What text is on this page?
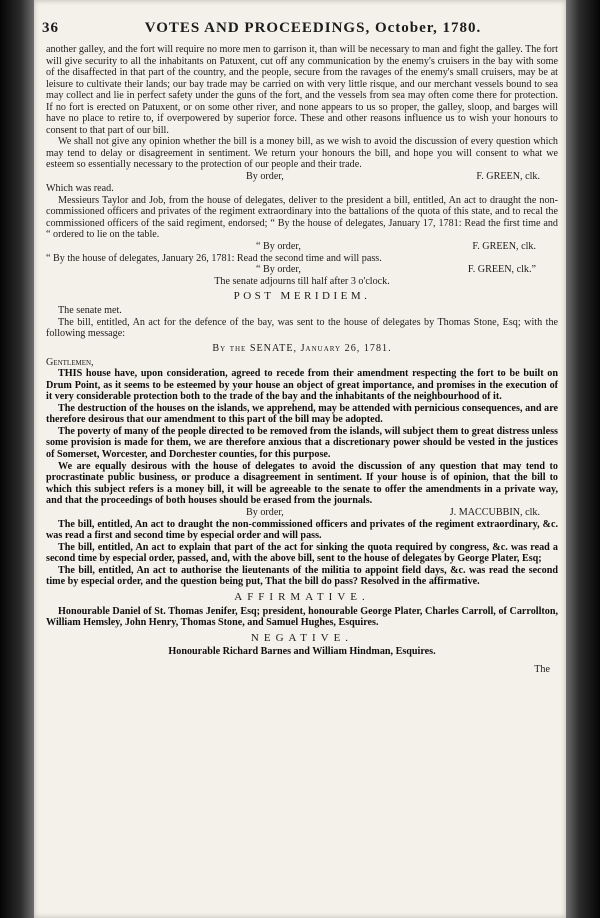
36	VOTES AND PROCEEDINGS, October, 1780.

another galley, and the fort will require no more men to garrison it, than will be necessary to man and fight the galley. The fort will give security to all the inhabitants on Patuxent, cut off any communication by the enemy's cruisers in the bay with some of the disaffected in that part of the country, and the people, secure from the ravages of the enemy's small cruisers, may be at leisure to cultivate their lands; our bay trade may be carried on with very little risque, and our merchant vessels bound to sea may collect and lie in perfect safety under the guns of the fort, and the vessels from sea may often come there for protection. If no fort is erected on Patuxent, or on some other river, and none appears to us so proper, the galley, sloop, and barges will have no place to retire to, if overpowered by superior force. These and other reasons influence us to wish your honours to consent to that part of our bill.

We shall not give any opinion whether the bill is a money bill, as we wish to avoid the discussion of every question which may tend to delay or disagreement in sentiment. We return your honours the bill, and hope you will consent to what we esteem so essentially necessary to the protection of our people and their trade.

By order,	F. GREEN, clk.

Which was read.

Messieurs Taylor and Job, from the house of delegates, deliver to the president a bill, entitled, An act to draught the non-commissioned officers and privates of the regiment extraordinary into the battalions of the quota of this state, and to recal the commissioned officers of the said regiment, endorsed; “ By the house of delegates, January 17, 1781: Read the first time and “ ordered to lie on the table.

“ By order,	F. GREEN, clk.

“ By the house of delegates, January 26, 1781: Read the second time and will pass.

“ By order,	F. GREEN, clk.”

The senate adjourns till half after 3 o'clock.

POST MERIDIEM.

The senate met.

The bill, entitled, An act for the defence of the bay, was sent to the house of delegates by Thomas Stone, Esq; with the following message:

By the SENATE, January 26, 1781.

Gentlemen,

THIS house have, upon consideration, agreed to recede from their amendment respecting the fort to be built on Drum Point, as it seems to be esteemed by your house an object of great importance, and promises in the execution of it very considerable protection both to the trade of the bay and the inhabitants of the neighbourhood of it.

The destruction of the houses on the islands, we apprehend, may be attended with pernicious consequences, and are therefore desirous that our amendment to this part of the bill may be adopted.

The poverty of many of the people directed to be removed from the islands, will subject them to great distress unless some provision is made for them, we are therefore anxious that a discretionary power should be vested in the justices of Somerset, Worcester, and Dorchester counties, for this purpose.

We are equally desirous with the house of delegates to avoid the discussion of any question that may tend to procrastinate public business, or produce a disagreement in sentiment. If your house is of opinion, that the bill to which this subject refers is a money bill, it will be agreeable to the senate to offer the amendments in a private way, and that the proceedings of both houses should be erased from the journals.

By order,	J. MACCUBBIN, clk.

The bill, entitled, An act to draught the non-commissioned officers and privates of the regiment extraordinary, &c. was read a first and second time by especial order and will pass.

The bill, entitled, An act to explain that part of the act for sinking the quota required by congress, &c. was read a second time by especial order, passed, and, with the above bill, sent to the house of delegates by George Plater, Esq;

The bill, entitled, An act to authorise the lieutenants of the militia to appoint field days, &c. was read the second time by especial order, and the question being put, That the bill do pass? Resolved in the affirmative.

AFFIRMATIVE.

Honourable Daniel of St. Thomas Jenifer, Esq; president, honourable George Plater, Charles Carroll, of Carrollton, William Hemsley, John Henry, Thomas Stone, and Samuel Hughes, Esquires.

NEGATIVE.

Honourable Richard Barnes and William Hindman, Esquires.

The
